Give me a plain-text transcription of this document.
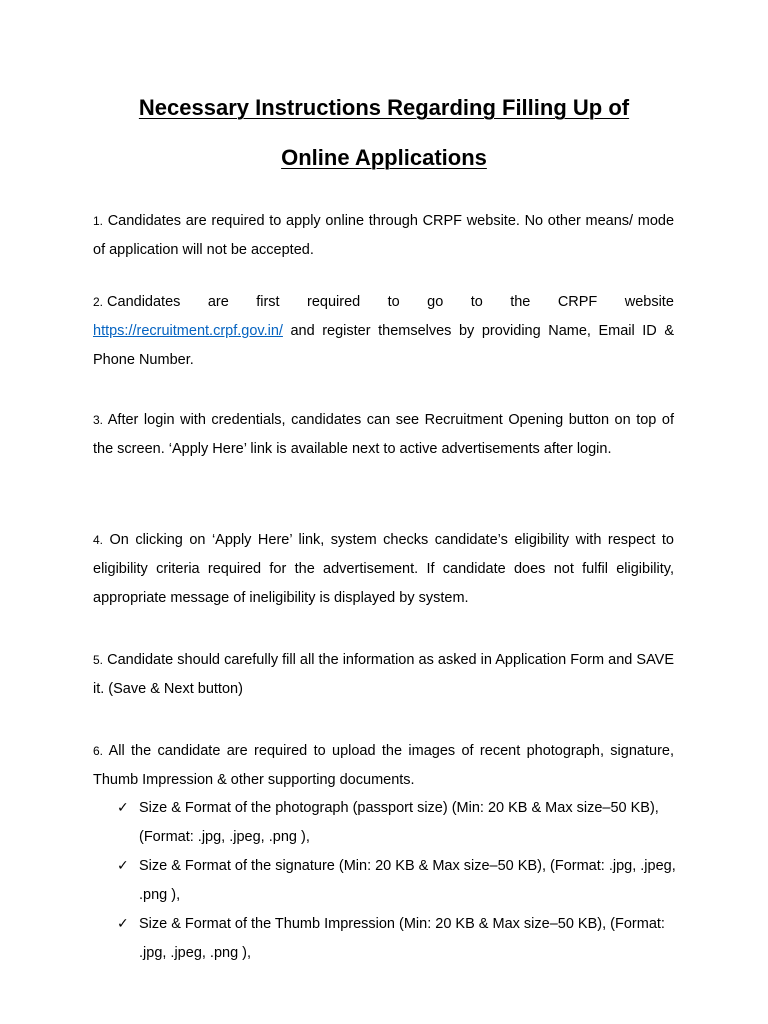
Necessary Instructions Regarding Filling Up of
Online Applications
1. Candidates are required to apply online through CRPF website. No other means/ mode of application will not be accepted.
2. Candidates are first required to go to the CRPF website
https://recruitment.crpf.gov.in/ and register themselves by providing Name, Email ID & Phone Number.
3. After login with credentials, candidates can see Recruitment Opening button on top of the screen. ‘Apply Here’ link is available next to active advertisements after login.
4. On clicking on ‘Apply Here’ link, system checks candidate’s eligibility with respect to eligibility criteria required for the advertisement. If candidate does not fulfil eligibility, appropriate message of ineligibility is displayed by system.
5. Candidate should carefully fill all the information as asked in Application Form and SAVE it. (Save & Next button)
6. All the candidate are required to upload the images of recent photograph, signature, Thumb Impression & other supporting documents.
✓ Size & Format of the photograph (passport size) (Min: 20 KB & Max size–50 KB), (Format: .jpg, .jpeg, .png ),
✓ Size & Format of the signature (Min: 20 KB & Max size–50 KB), (Format: .jpg, .jpeg, .png ),
✓ Size & Format of the Thumb Impression (Min: 20 KB & Max size–50 KB), (Format: .jpg, .jpeg, .png ),
